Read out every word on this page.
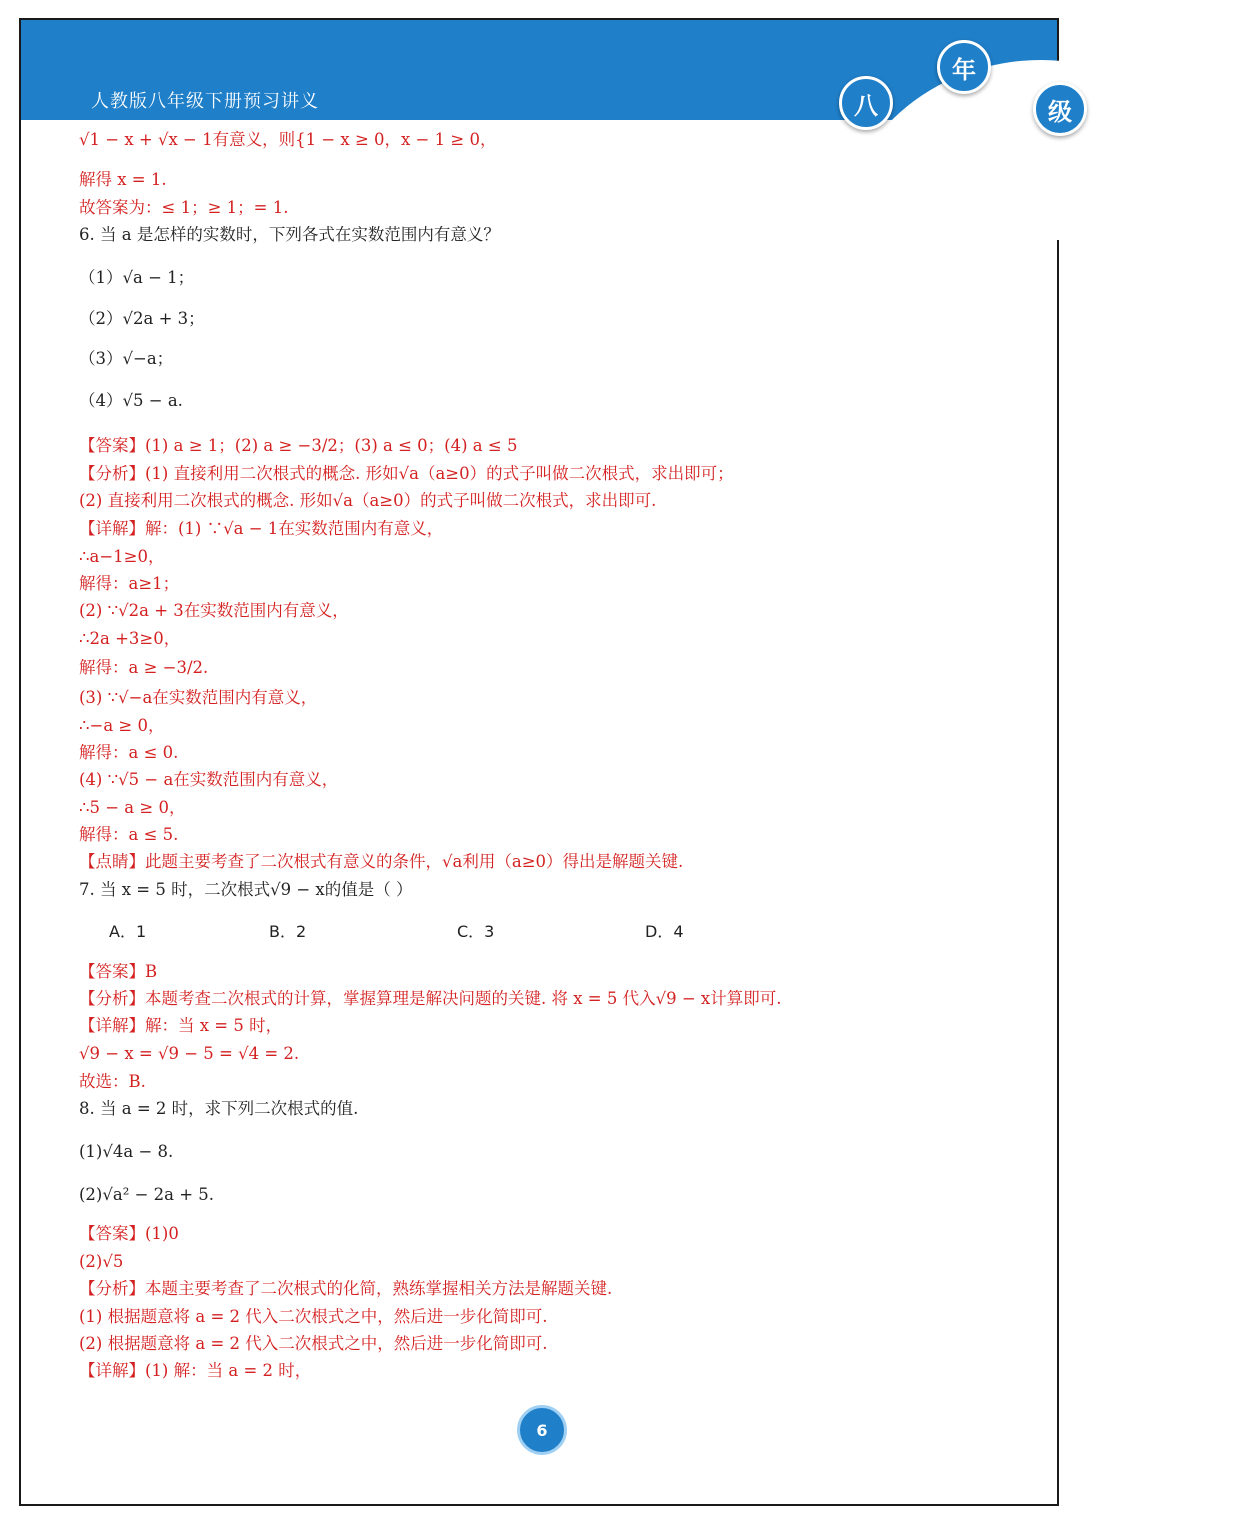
人教版八年级下册预习讲义	八
年
级
√1 − x + √x − 1有意义，则{1 − x ≥ 0，x − 1 ≥ 0，
解得 x = 1.
故答案为：≤ 1；≥ 1；= 1.
6. 当 a 是怎样的实数时，下列各式在实数范围内有意义？
（1）√a − 1；
（2）√2a + 3；
（3）√−a；
（4）√5 − a.
【答案】(1) a ≥ 1；(2) a ≥ −3/2；(3) a ≤ 0；(4) a ≤ 5
【分析】(1) 直接利用二次根式的概念. 形如√a（a≥0）的式子叫做二次根式，求出即可；
(2) 直接利用二次根式的概念. 形如√a（a≥0）的式子叫做二次根式，求出即可.
【详解】解：(1) ∵√a − 1在实数范围内有意义，
∴a−1≥0，
解得：a≥1；
(2) ∵√2a + 3在实数范围内有意义，
∴2a +3≥0，
解得：a ≥ −3/2.
(3) ∵√−a在实数范围内有意义，
∴−a ≥ 0，
解得：a ≤ 0.
(4) ∵√5 − a在实数范围内有意义，
∴5 − a ≥ 0，
解得：a ≤ 5.
【点睛】此题主要考查了二次根式有意义的条件，√a利用（a≥0）得出是解题关键.
7. 当 x = 5 时，二次根式√9 − x的值是（ ）
A．1	B．2	C．3	D．4
【答案】B
【分析】本题考查二次根式的计算，掌握算理是解决问题的关键. 将 x = 5 代入√9 − x计算即可.
【详解】解：当 x = 5 时，
√9 − x = √9 − 5 = √4 = 2.
故选：B.
8. 当 a = 2 时，求下列二次根式的值.
(1)√4a − 8.
(2)√a² − 2a + 5.
【答案】(1)0
(2)√5
【分析】本题主要考查了二次根式的化简，熟练掌握相关方法是解题关键.
(1) 根据题意将 a = 2 代入二次根式之中，然后进一步化简即可.
(2) 根据题意将 a = 2 代入二次根式之中，然后进一步化简即可.
【详解】(1) 解：当 a = 2 时，
6
